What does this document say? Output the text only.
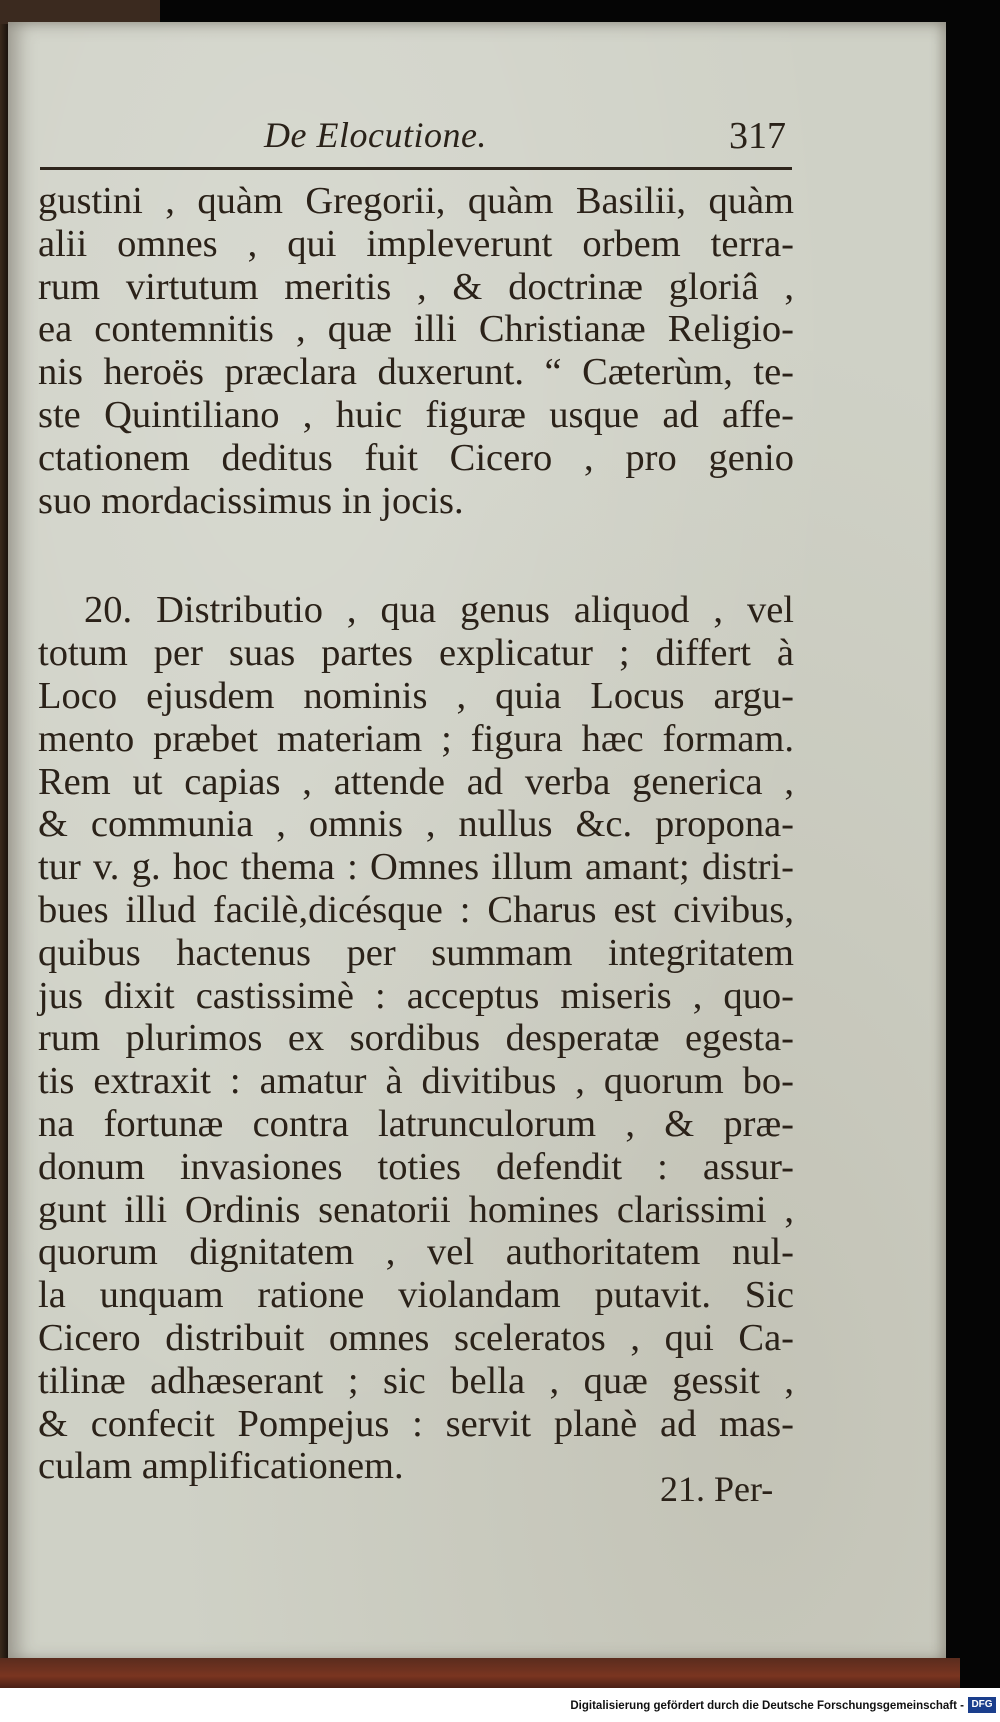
De Elocutione.	317
gustini , quàm Gregorii, quàm Basilii, quàm
alii omnes , qui impleverunt orbem terra-
rum virtutum meritis , & doctrinæ gloriâ ,
ea contemnitis , quæ illi Christianæ Religio-
nis heroës præclara duxerunt. “ Cæterùm, te-
ste Quintiliano , huic figuræ usque ad affe-
ctationem deditus fuit Cicero , pro genio
suo mordacissimus in jocis.
20. Distributio , qua genus aliquod , vel
totum per suas partes explicatur ; differt à
Loco ejusdem nominis , quia Locus argu-
mento præbet materiam ; figura hæc formam.
Rem ut capias , attende ad verba generica ,
& communia , omnis , nullus &c. propona-
tur v. g. hoc thema : Omnes illum amant; distri-
bues illud facilè,dicésque : Charus est civibus,
quibus hactenus per summam integritatem
jus dixit castissimè : acceptus miseris , quo-
rum plurimos ex sordibus desperatæ egesta-
tis extraxit : amatur à divitibus , quorum bo-
na fortunæ contra latrunculorum , & præ-
donum invasiones toties defendit : assur-
gunt illi Ordinis senatorii homines clarissimi ,
quorum dignitatem , vel authoritatem nul-
la unquam ratione violandam putavit. Sic
Cicero distribuit omnes sceleratos , qui Ca-
tilinæ adhæserant ; sic bella , quæ gessit ,
& confecit Pompejus : servit planè ad mas-
culam amplificationem.
21. Per-
Digitalisierung gefördert durch die Deutsche Forschungsgemeinschaft - DFG
